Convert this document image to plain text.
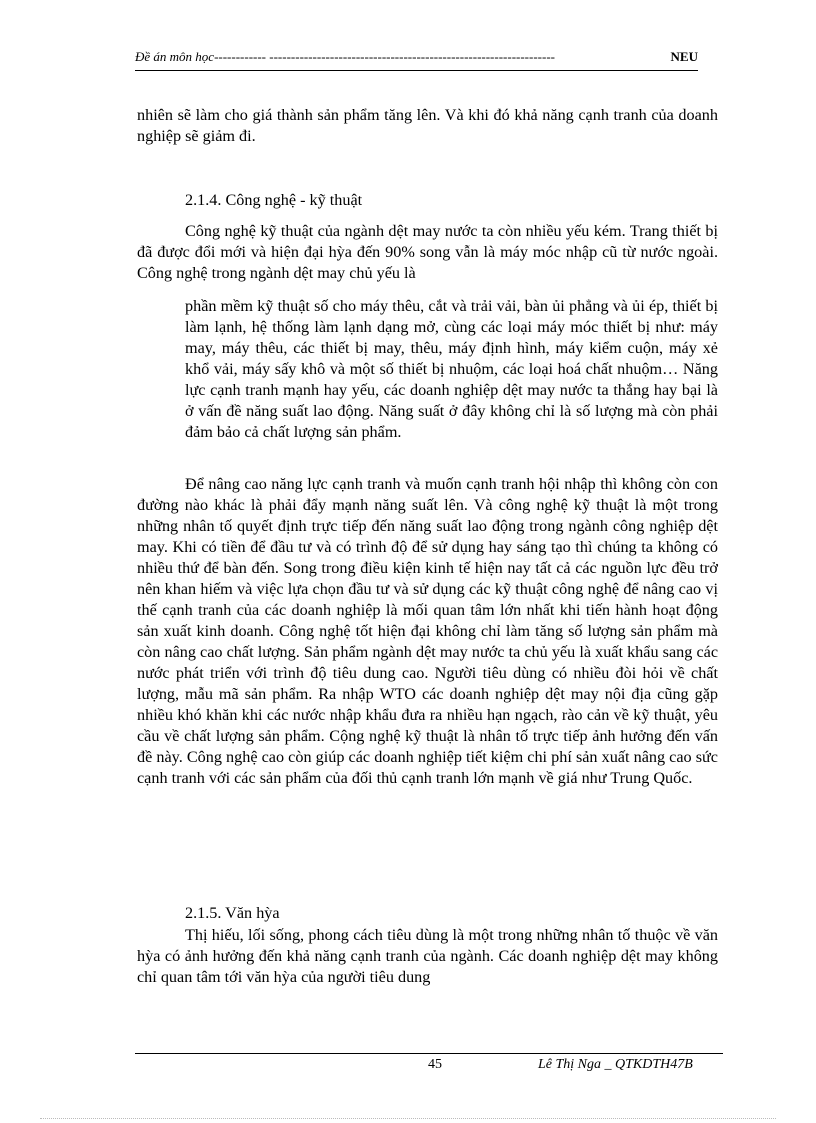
Đề án môn học------------ ------------------------------------------------------------------	NEU
nhiên sẽ làm cho giá thành sản phẩm tăng lên. Và khi đó khả năng cạnh tranh của doanh nghiệp sẽ giảm đi.
2.1.4. Công nghệ - kỹ thuật
Công nghệ kỹ thuật của ngành dệt may nước ta còn nhiều yếu kém. Trang thiết bị đã được đổi mới và hiện đại hỳa đến 90% song vẫn là máy móc nhập cũ từ nước ngoài. Công nghệ trong ngành dệt may chủ yếu là
phần mềm kỹ thuật số cho máy thêu, cắt và trải vải, bàn ủi phẳng và ủi ép, thiết bị làm lạnh, hệ thống làm lạnh dạng mở, cùng các loại máy móc thiết bị như: máy may, máy thêu, các thiết bị may, thêu, máy định hình, máy kiểm cuộn, máy xẻ khổ vải, máy sấy khô và một số thiết bị nhuộm, các loại hoá chất nhuộm… Năng lực cạnh tranh mạnh hay yếu, các doanh nghiệp dệt may nước ta thắng hay bại là ở vấn đề năng suất lao động. Năng suất ở đây không chỉ là số lượng mà còn phải đảm bảo cả chất lượng sản phẩm.
Để nâng cao năng lực cạnh tranh và muốn cạnh tranh hội nhập thì không còn con đường nào khác là phải đẩy mạnh năng suất lên. Và công nghệ kỹ thuật là một trong những nhân tố quyết định trực tiếp đến năng suất lao động trong ngành công nghiệp dệt may. Khi có tiền để đầu tư và có trình độ để sử dụng hay sáng tạo thì chúng ta không có nhiều thứ để bàn đến. Song trong điều kiện kinh tế hiện nay tất cả các nguồn lực đều trở nên khan hiếm và việc lựa chọn đầu tư và sử dụng các kỹ thuật công nghệ để nâng cao vị thế cạnh tranh của các doanh nghiệp là mối quan tâm lớn nhất khi tiến hành hoạt động sản xuất kinh doanh. Công nghệ tốt hiện đại không chỉ làm tăng số lượng sản phẩm mà còn nâng cao chất lượng. Sản phẩm ngành dệt may nước ta chủ yếu là xuất khẩu sang các nước phát triển với trình độ tiêu dung cao. Người tiêu dùng có nhiều đòi hỏi về chất lượng, mẫu mã sản phẩm. Ra nhập WTO các doanh nghiệp dệt may nội địa cũng gặp nhiều khó khăn khi các nước nhập khẩu đưa ra nhiều hạn ngạch, rào cản về kỹ thuật, yêu cầu về chất lượng sản phẩm. Cộng nghệ kỹ thuật là nhân tố trực tiếp ảnh hưởng đến vấn đề này. Công nghệ cao còn giúp các doanh nghiệp tiết kiệm chi phí sản xuất nâng cao sức cạnh tranh với các sản phẩm của đối thủ cạnh tranh lớn mạnh về giá như Trung Quốc.
2.1.5. Văn hỳa
Thị hiếu, lối sống, phong cách tiêu dùng là một trong những nhân tố thuộc về văn hỳa có ảnh hưởng đến khả năng cạnh tranh của ngành. Các doanh nghiệp dệt may không chỉ quan tâm tới văn hỳa của người tiêu dung
45	Lê Thị Nga _ QTKDTH47B
